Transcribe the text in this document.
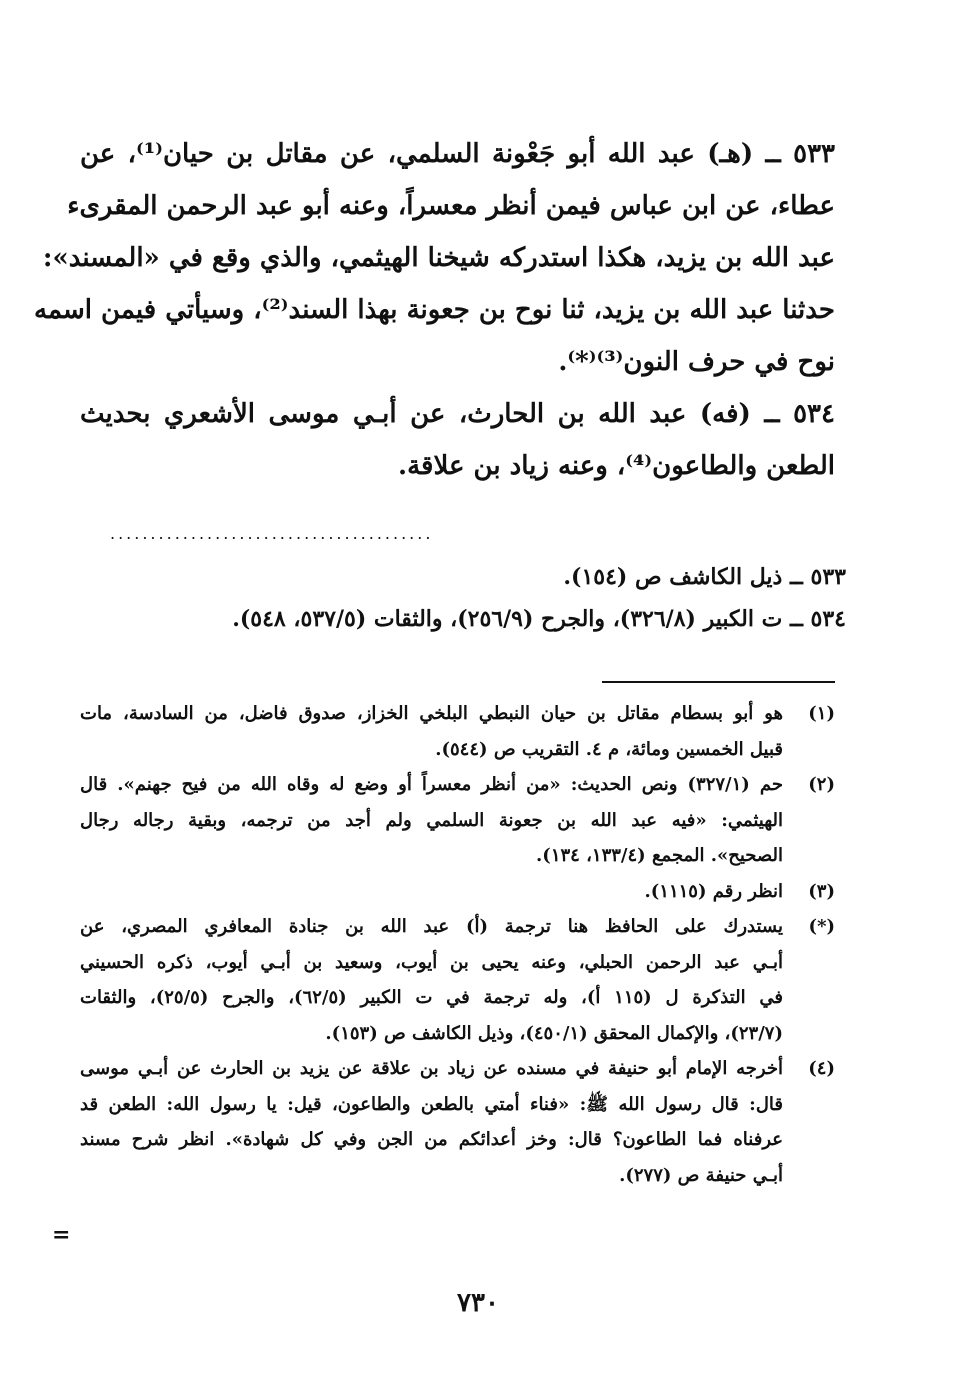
٥٣٣ ــ (هـ) عبد الله أبو جَعْونة السلمي، عن مقاتل بن حيان⁽¹⁾، عن
عطاء، عن ابن عباس فيمن أنظر معسراً، وعنه أبو عبد الرحمن المقرىء
عبد الله بن يزيد، هكذا استدركه شيخنا الهيثمي، والذي وقع في «المسند»:
حدثنا عبد الله بن يزيد، ثنا نوح بن جعونة بهذا السند⁽²⁾، وسيأتي فيمن اسمه
نوح في حرف النون⁽³⁾⁽*⁾.
٥٣٤ ــ (فه) عبد الله بن الحارث، عن أبـي موسى الأشعري بحديث
الطعن والطاعون⁽⁴⁾، وعنه زياد بن علاقة.
........................................
٥٣٣ ــ ذيل الكاشف ص (١٥٤).
٥٣٤ ــ ت الكبير (٣٢٦/٨)، والجرح (٢٥٦/٩)، والثقات (٥٣٧/٥، ٥٤٨).
(١)
هو أبو بسطام مقاتل بن حيان النبطي البلخي الخزاز، صدوق فاضل، من السادسة، مات
قبيل الخمسين ومائة، م ٤. التقريب ص (٥٤٤).
(٢)
حم (٣٢٧/١) ونص الحديث: «من أنظر معسراً أو وضع له وقاه الله من فيح جهنم». قال
الهيثمي: «فيه عبد الله بن جعونة السلمي ولم أجد من ترجمه، وبقية رجاله رجال
الصحيح». المجمع (١٣٣/٤، ١٣٤).
(٣)
انظر رقم (١١١٥).
(*)
يستدرك على الحافظ هنا ترجمة (أ) عبد الله بن جنادة المعافري المصري، عن
أبـي عبد الرحمن الحبلي، وعنه يحيى بن أيوب، وسعيد بن أبـي أيوب، ذكره الحسيني
في التذكرة ل (١١٥ أ)، وله ترجمة في ت الكبير (٦٢/٥)، والجرح (٢٥/٥)، والثقات
(٢٣/٧)، والإكمال المحقق (٤٥٠/١)، وذيل الكاشف ص (١٥٣).
(٤)
أخرجه الإمام أبو حنيفة في مسنده عن زياد بن علاقة عن يزيد بن الحارث عن أبـي موسى
قال: قال رسول الله ﷺ: «فناء أمتي بالطعن والطاعون، قيل: يا رسول الله: الطعن قد
عرفناه فما الطاعون؟ قال: وخز أعدائكم من الجن وفي كل شهادة». انظر شرح مسند
أبـي حنيفة ص (٢٧٧).
=
٧٣٠
